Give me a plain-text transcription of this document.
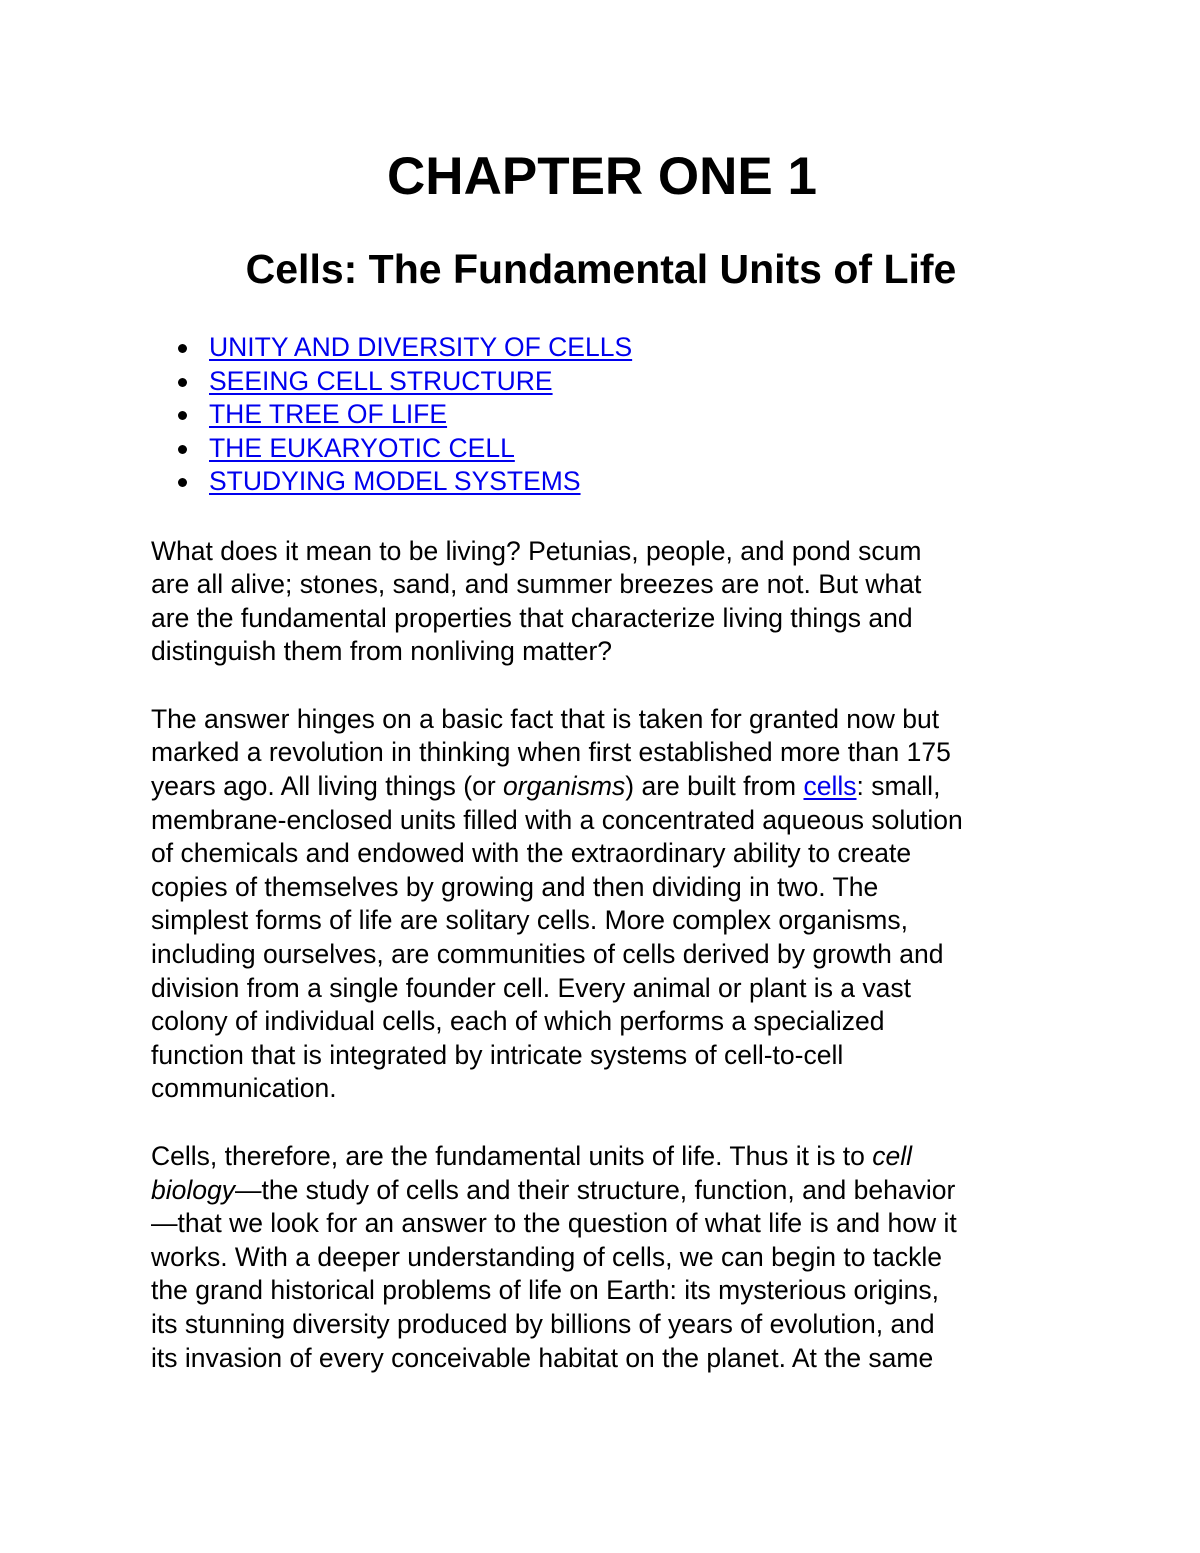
CHAPTER ONE 1
Cells: The Fundamental Units of Life
UNITY AND DIVERSITY OF CELLS
SEEING CELL STRUCTURE
THE TREE OF LIFE
THE EUKARYOTIC CELL
STUDYING MODEL SYSTEMS

What does it mean to be living? Petunias, people, and pond scum
are all alive; stones, sand, and summer breezes are not. But what
are the fundamental properties that characterize living things and
distinguish them from nonliving matter?

The answer hinges on a basic fact that is taken for granted now but
marked a revolution in thinking when first established more than 175
years ago. All living things (or organisms) are built from cells: small,
membrane-enclosed units filled with a concentrated aqueous solution
of chemicals and endowed with the extraordinary ability to create
copies of themselves by growing and then dividing in two. The
simplest forms of life are solitary cells. More complex organisms,
including ourselves, are communities of cells derived by growth and
division from a single founder cell. Every animal or plant is a vast
colony of individual cells, each of which performs a specialized
function that is integrated by intricate systems of cell-to-cell
communication.

Cells, therefore, are the fundamental units of life. Thus it is to cell
biology—the study of cells and their structure, function, and behavior
—that we look for an answer to the question of what life is and how it
works. With a deeper understanding of cells, we can begin to tackle
the grand historical problems of life on Earth: its mysterious origins,
its stunning diversity produced by billions of years of evolution, and
its invasion of every conceivable habitat on the planet. At the same
